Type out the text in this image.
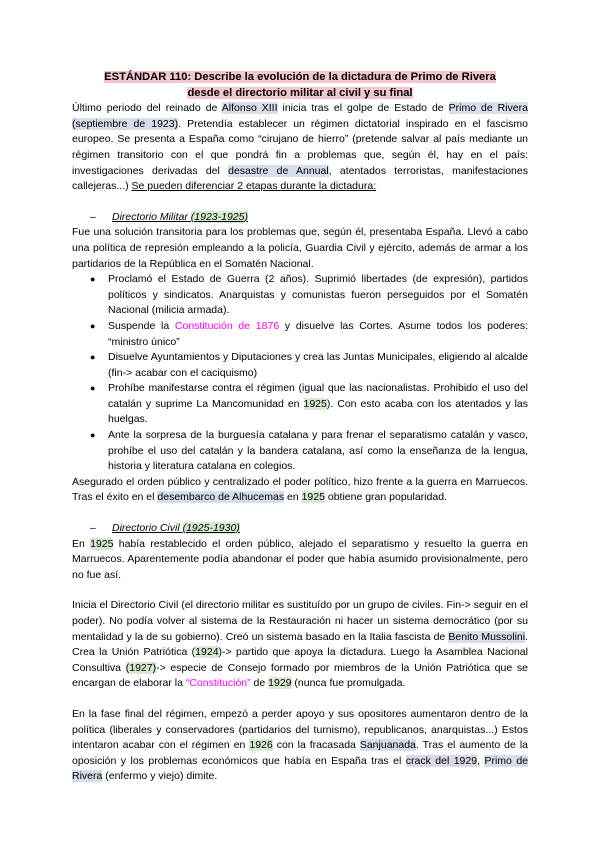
ESTÁNDAR 110: Describe la evolución de la dictadura de Primo de Rivera
desde el directorio militar al civil y su final

Último periodo del reinado de Alfonso XIII inicia tras el golpe de Estado de Primo de Rivera (septiembre de 1923). Pretendía establecer un régimen dictatorial inspirado en el fascismo europeo. Se presenta a España como “cirujano de hierro” (pretende salvar al país mediante un régimen transitorio con el que pondrá fin a problemas que, según él, hay en el país: investigaciones derivadas del desastre de Annual, atentados terroristas, manifestaciones callejeras...) Se pueden diferenciar 2 etapas durante la dictadura:

– Directorio Militar (1923-1925)

Fue una solución transitoria para los problemas que, según él, presentaba España. Llevó a cabo una política de represión empleando a la policía, Guardia Civil y ejército, además de armar a los partidarios de la República en el Somatén Nacional.

● Proclamó el Estado de Guerra (2 años). Suprimió libertades (de expresión), partidos políticos y sindicatos. Anarquistas y comunistas fueron perseguidos por el Somatén Nacional (milicia armada).
● Suspende la Constitución de 1876 y disuelve las Cortes. Asume todos los poderes: “ministro único”
● Disuelve Ayuntamientos y Diputaciones y crea las Juntas Municipales, eligiendo al alcalde (fin-> acabar con el caciquismo)
● Prohíbe manifestarse contra el régimen (igual que las nacionalistas. Prohibido el uso del catalán y suprime La Mancomunidad en 1925). Con esto acaba con los atentados y las huelgas.
● Ante la sorpresa de la burguesía catalana y para frenar el separatismo catalán y vasco, prohíbe el uso del catalán y la bandera catalana, así como la enseñanza de la lengua, historia y literatura catalana en colegios.

Asegurado el orden público y centralizado el poder político, hizo frente a la guerra en Marruecos. Tras el éxito en el desembarco de Alhucemas en 1925 obtiene gran popularidad.

– Directorio Civil (1925-1930)

En 1925 había restablecido el orden público, alejado el separatismo y resuelto la guerra en Marruecos. Aparentemente podía abandonar el poder que había asumido provisionalmente, pero no fue así.

Inicia el Directorio Civil (el directorio militar es sustituído por un grupo de civiles. Fin-> seguir en el poder). No podía volver al sistema de la Restauración ni hacer un sistema democrático (por su mentalidad y la de su gobierno). Creó un sistema basado en la Italia fascista de Benito Mussolini. Crea la Unión Patriótica (1924)-> partido que apoya la dictadura. Luego la Asamblea Nacional Consultiva (1927)-> especie de Consejo formado por miembros de la Unión Patriótica que se encargan de elaborar la “Constitución” de 1929 (nunca fue promulgada.

En la fase final del régimen, empezó a perder apoyo y sus opositores aumentaron dentro de la política (liberales y conservadores (partidarios del turnismo), republicanos, anarquistas...) Estos intentaron acabar con el régimen en 1926 con la fracasada Sanjuanada. Tras el aumento de la oposición y los problemas económicos que había en España tras el crack del 1929, Primo de Rivera (enfermo y viejo) dimite.
